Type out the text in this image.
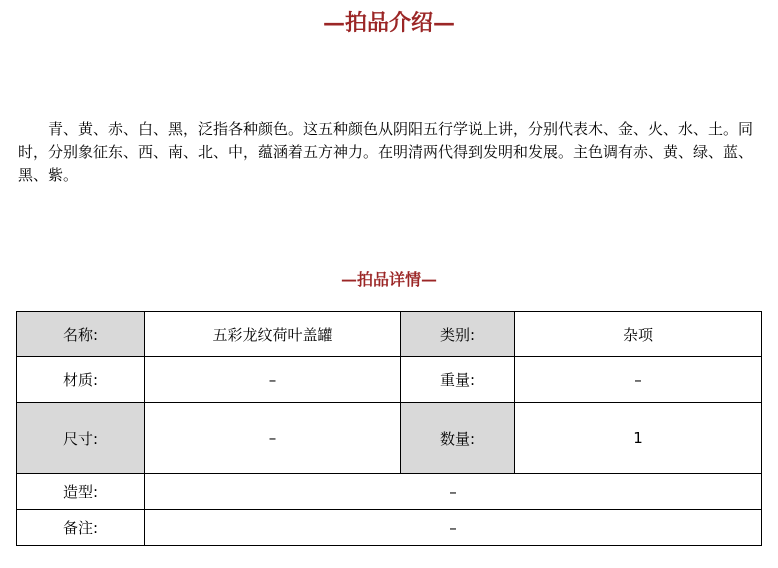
—拍品介绍—

青、黄、赤、白、黑，泛指各种颜色。这五种颜色从阴阳五行学说上讲，分别代表木、金、火、水、土。同时，分别象征东、西、南、北、中，蕴涵着五方神力。在明清两代得到发明和发展。主色调有赤、黄、绿、蓝、黑、紫。

—拍品详情—
名称:	五彩龙纹荷叶盖罐	类别:	杂项
材质:	–	重量:	–
尺寸:	–	数量:	1
造型:	–		
备注:	–		
